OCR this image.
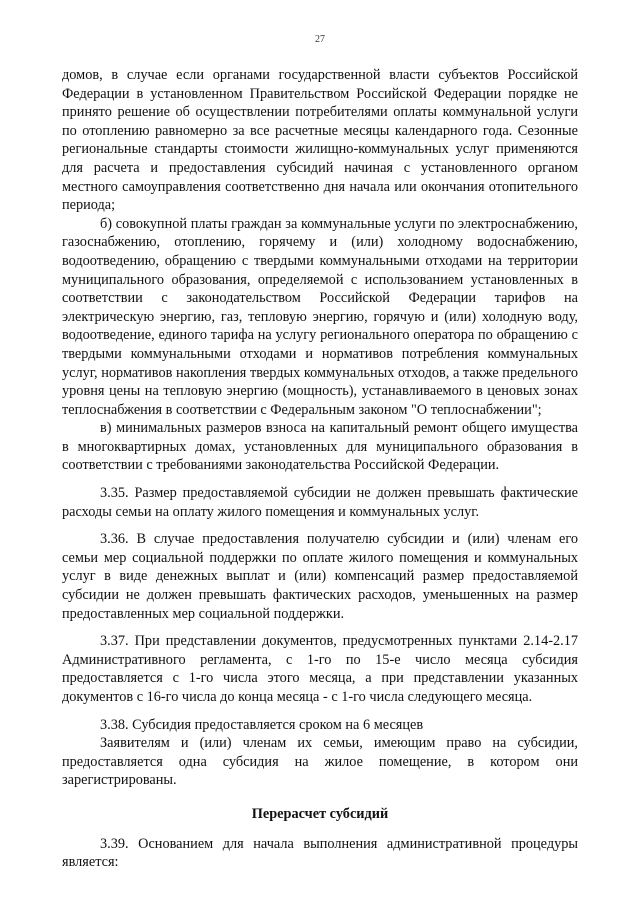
27

домов, в случае если органами государственной власти субъектов Российской Федерации в установленном Правительством Российской Федерации порядке не принято решение об осуществлении потребителями оплаты коммунальной услуги по отоплению равномерно за все расчетные месяцы календарного года. Сезонные региональные стандарты стоимости жилищно-коммунальных услуг применяются для расчета и предоставления субсидий начиная с установленного органом местного самоуправления соответственно дня начала или окончания отопительного периода;

б) совокупной платы граждан за коммунальные услуги по электроснабжению, газоснабжению, отоплению, горячему и (или) холодному водоснабжению, водоотведению, обращению с твердыми коммунальными отходами на территории муниципального образования, определяемой с использованием установленных в соответствии с законодательством Российской Федерации тарифов на электрическую энергию, газ, тепловую энергию, горячую и (или) холодную воду, водоотведение, единого тарифа на услугу регионального оператора по обращению с твердыми коммунальными отходами и нормативов потребления коммунальных услуг, нормативов накопления твердых коммунальных отходов, а также предельного уровня цены на тепловую энергию (мощность), устанавливаемого в ценовых зонах теплоснабжения в соответствии с Федеральным законом "О теплоснабжении";

в) минимальных размеров взноса на капитальный ремонт общего имущества в многоквартирных домах, установленных для муниципального образования в соответствии с требованиями законодательства Российской Федерации.

3.35. Размер предоставляемой субсидии не должен превышать фактические расходы семьи на оплату жилого помещения и коммунальных услуг.

3.36. В случае предоставления получателю субсидии и (или) членам его семьи мер социальной поддержки по оплате жилого помещения и коммунальных услуг в виде денежных выплат и (или) компенсаций размер предоставляемой субсидии не должен превышать фактических расходов, уменьшенных на размер предоставленных мер социальной поддержки.

3.37. При представлении документов, предусмотренных пунктами 2.14-2.17 Административного регламента, с 1-го по 15-е число месяца субсидия предоставляется с 1-го числа этого месяца, а при представлении указанных документов с 16-го числа до конца месяца - с 1-го числа следующего месяца.

3.38. Субсидия предоставляется сроком на 6 месяцев

Заявителям и (или) членам их семьи, имеющим право на субсидии, предоставляется одна субсидия на жилое помещение, в котором они зарегистрированы.

Перерасчет субсидий

3.39. Основанием для начала выполнения административной процедуры является:
